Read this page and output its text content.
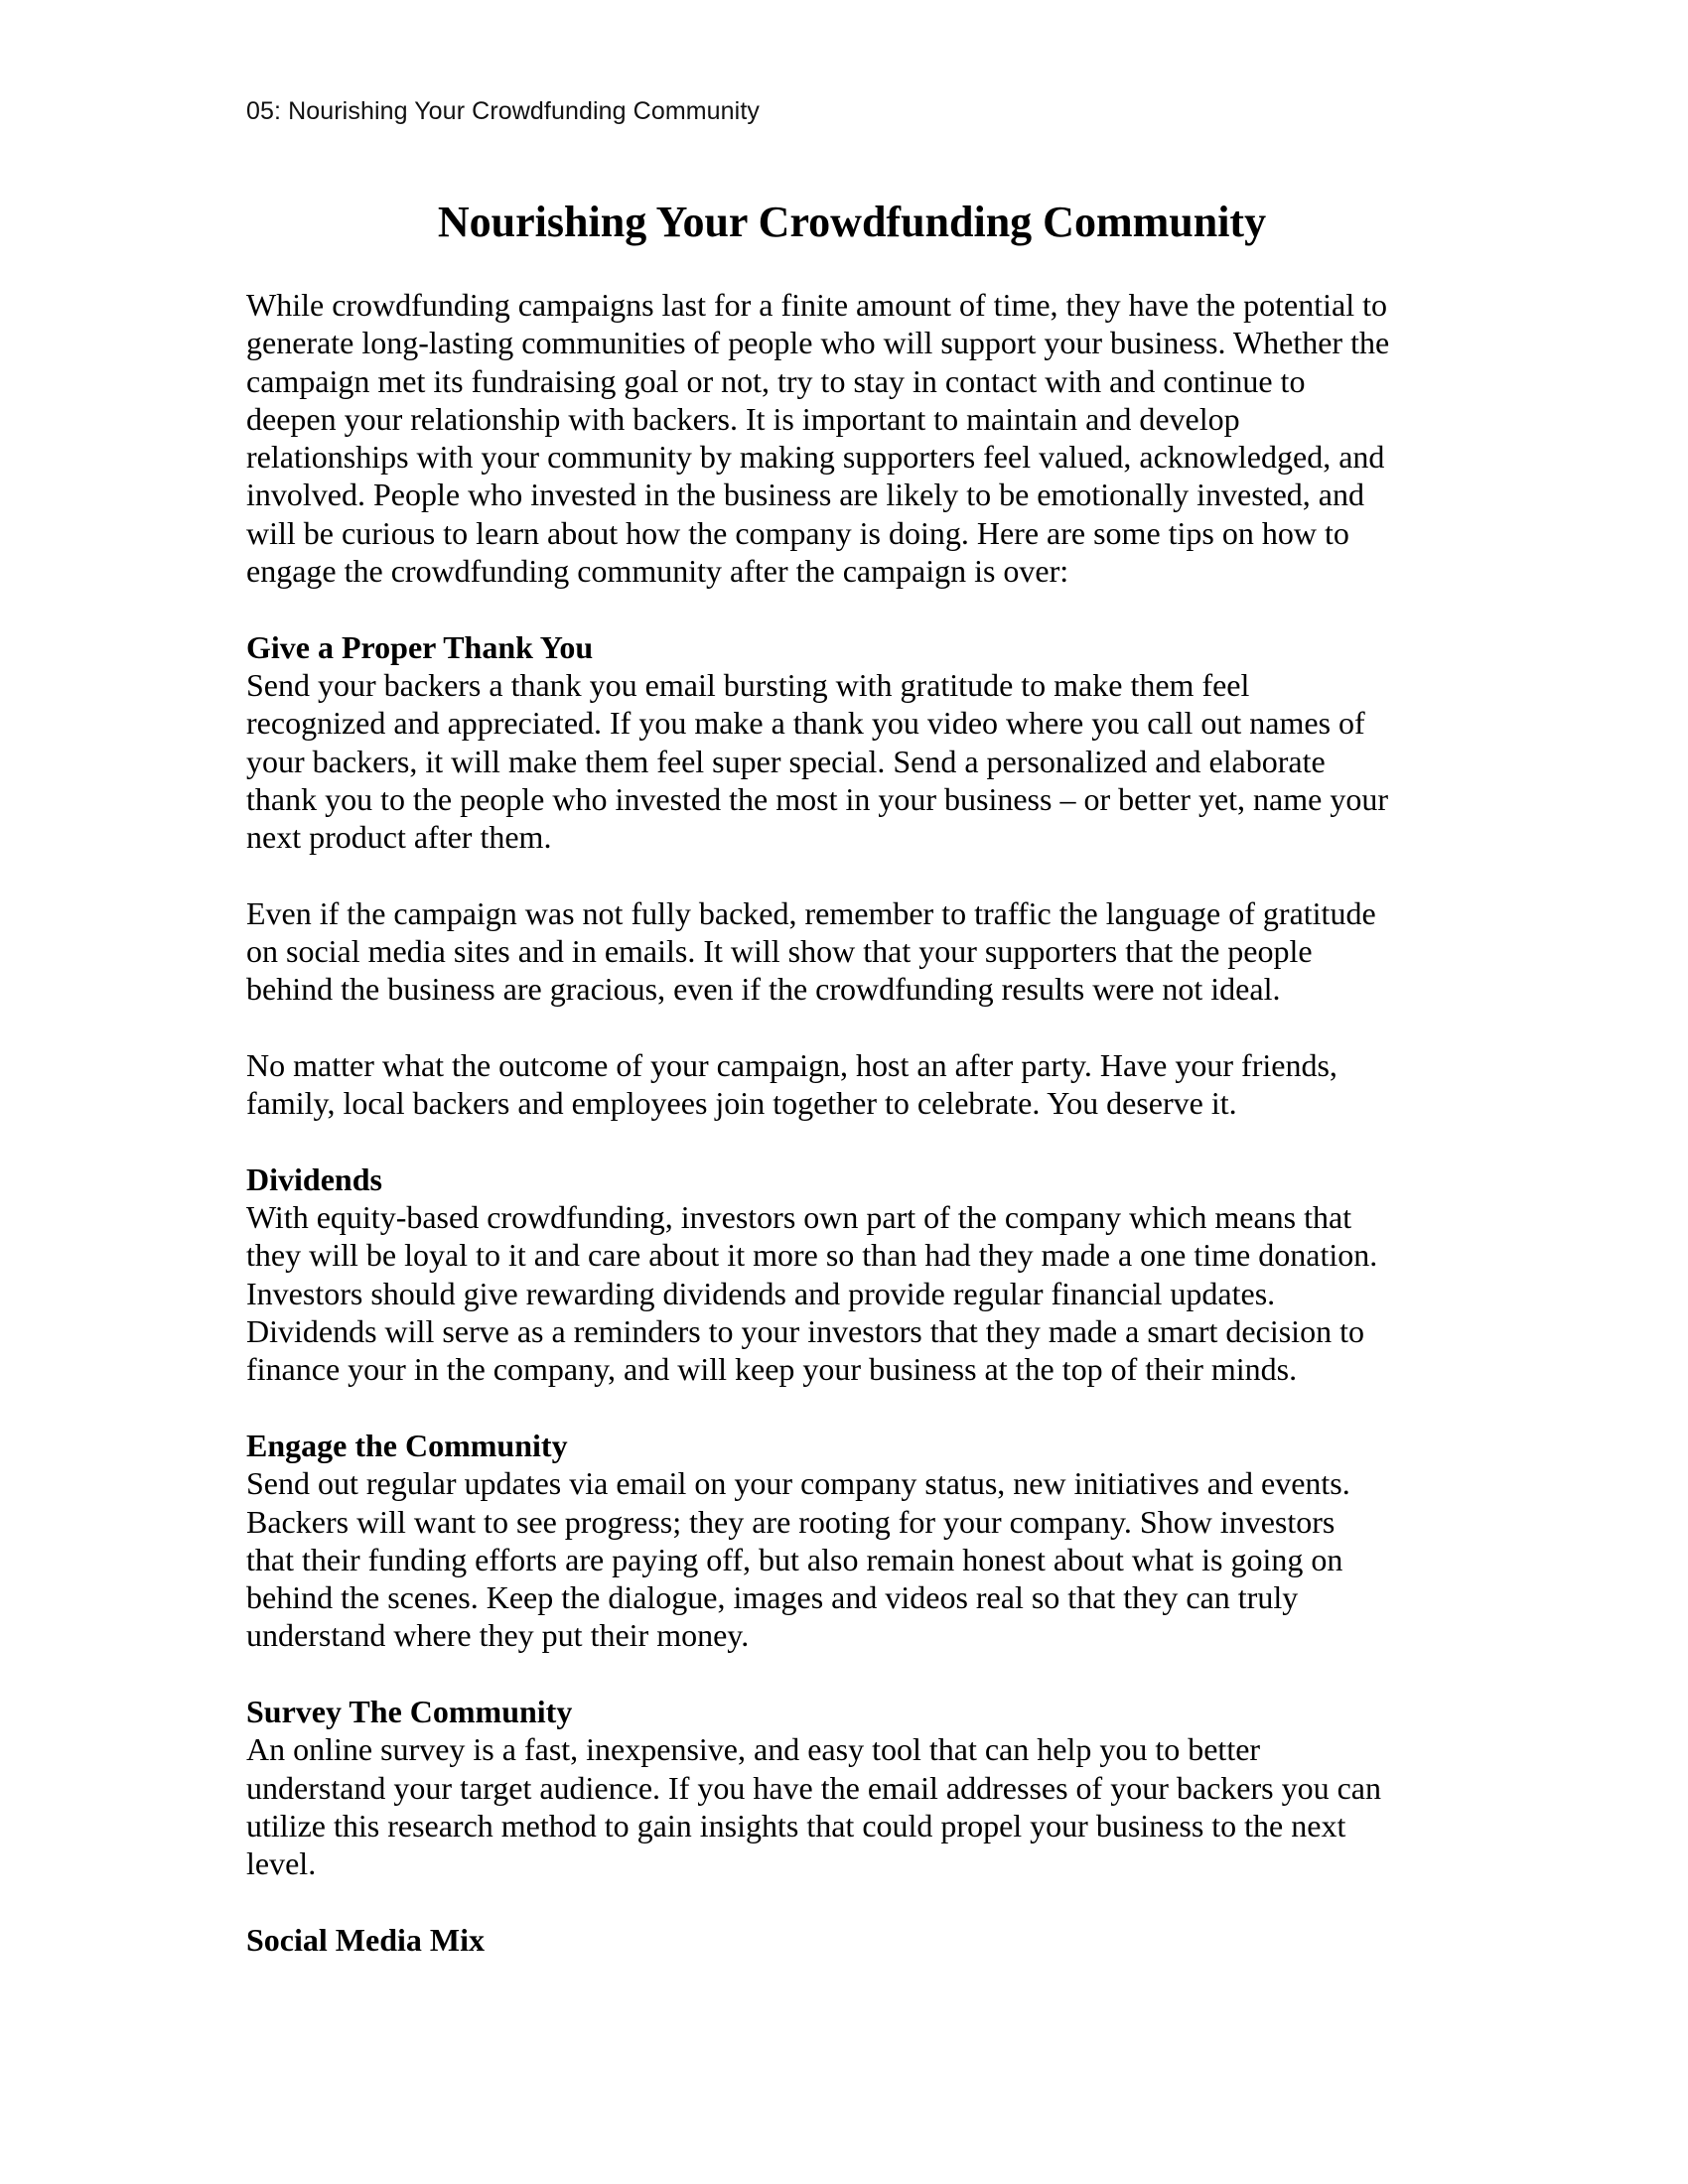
05: Nourishing Your Crowdfunding Community
Nourishing Your Crowdfunding Community

While crowdfunding campaigns last for a finite amount of time, they have the potential to
generate long-lasting communities of people who will support your business. Whether the
campaign met its fundraising goal or not, try to stay in contact with and continue to
deepen your relationship with backers. It is important to maintain and develop
relationships with your community by making supporters feel valued, acknowledged, and
involved. People who invested in the business are likely to be emotionally invested, and
will be curious to learn about how the company is doing. Here are some tips on how to
engage the crowdfunding community after the campaign is over:

Give a Proper Thank You
Send your backers a thank you email bursting with gratitude to make them feel
recognized and appreciated. If you make a thank you video where you call out names of
your backers, it will make them feel super special. Send a personalized and elaborate
thank you to the people who invested the most in your business – or better yet, name your
next product after them.

Even if the campaign was not fully backed, remember to traffic the language of gratitude
on social media sites and in emails. It will show that your supporters that the people
behind the business are gracious, even if the crowdfunding results were not ideal.

No matter what the outcome of your campaign, host an after party. Have your friends,
family, local backers and employees join together to celebrate. You deserve it.

Dividends
With equity-based crowdfunding, investors own part of the company which means that
they will be loyal to it and care about it more so than had they made a one time donation.
Investors should give rewarding dividends and provide regular financial updates.
Dividends will serve as a reminders to your investors that they made a smart decision to
finance your in the company, and will keep your business at the top of their minds.
Engage the Community
Send out regular updates via email on your company status, new initiatives and events.
Backers will want to see progress; they are rooting for your company. Show investors
that their funding efforts are paying off, but also remain honest about what is going on
behind the scenes. Keep the dialogue, images and videos real so that they can truly
understand where they put their money.
Survey The Community
An online survey is a fast, inexpensive, and easy tool that can help you to better
understand your target audience. If you have the email addresses of your backers you can
utilize this research method to gain insights that could propel your business to the next
level.
Social Media Mix
